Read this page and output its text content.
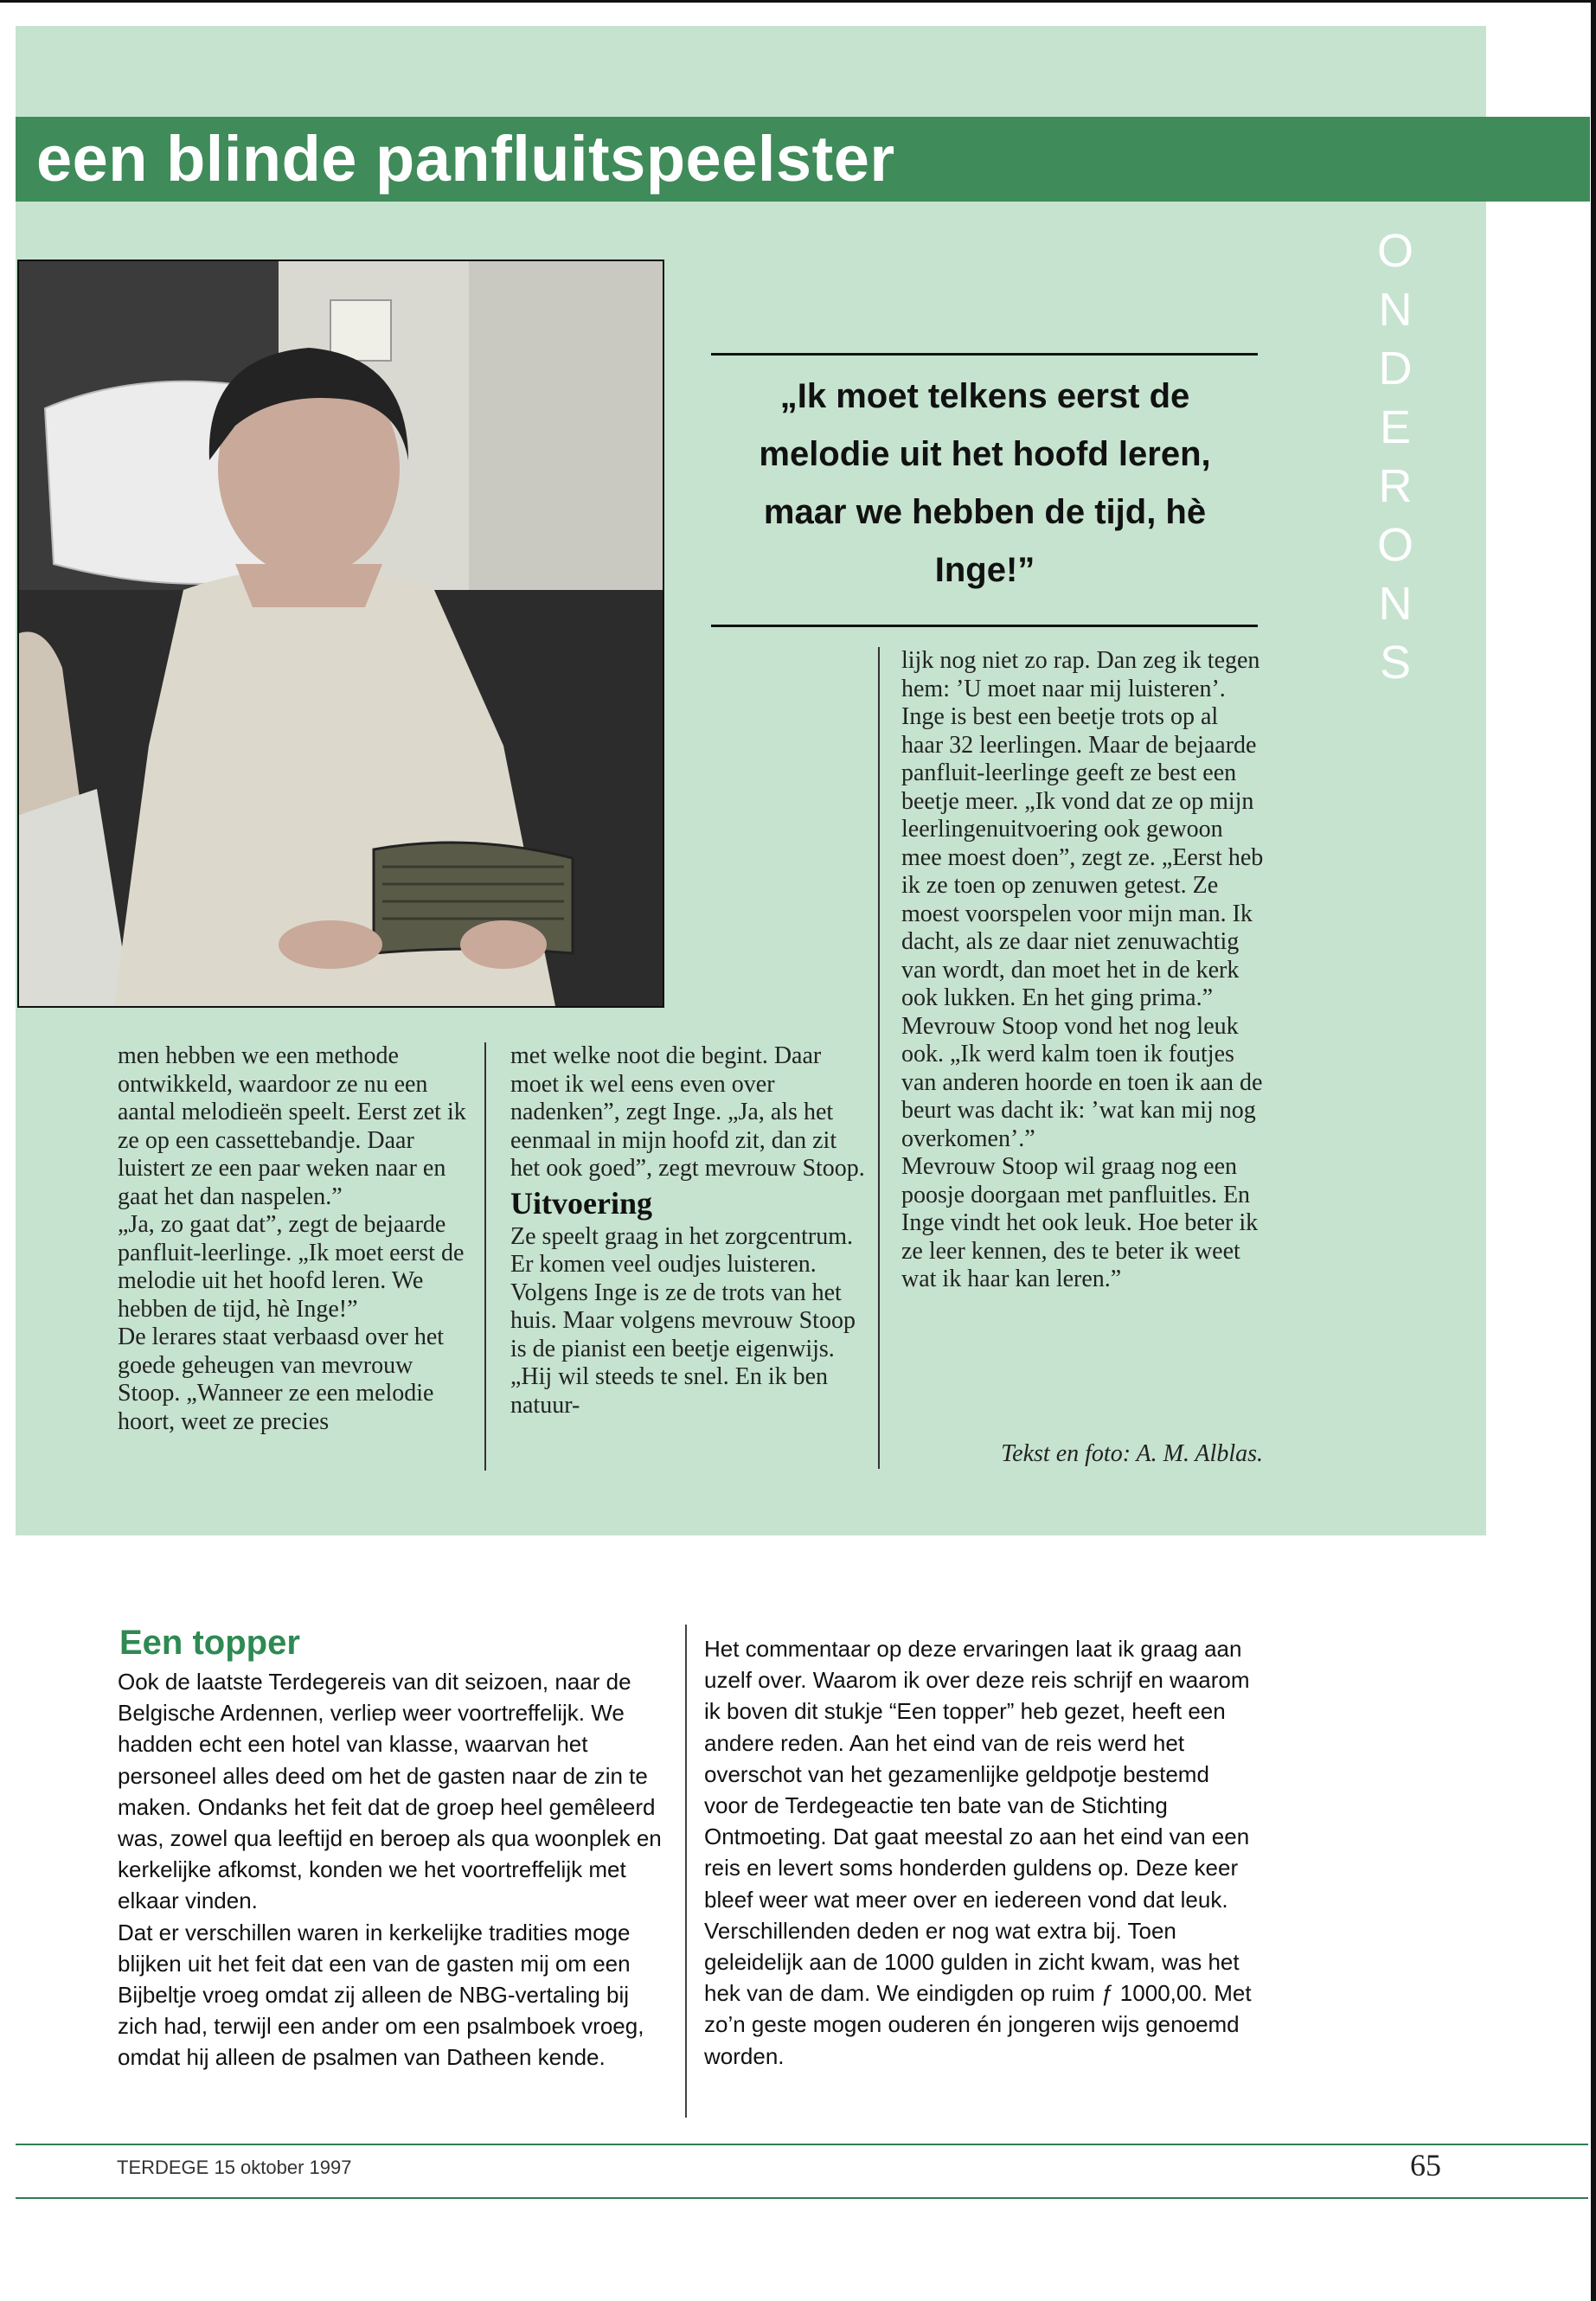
een blinde panfluitspeelster
ONDERONS

„Ik moet telkens eerst de melodie uit het hoofd leren, maar we hebben de tijd, hè Inge!”

men hebben we een methode ontwikkeld, waardoor ze nu een aantal melodieën speelt. Eerst zet ik ze op een cassettebandje. Daar luistert ze een paar weken naar en gaat het dan naspelen.”

„Ja, zo gaat dat”, zegt de bejaarde panfluit-leerlinge. „Ik moet eerst de melodie uit het hoofd leren. We hebben de tijd, hè Inge!”

De lerares staat verbaasd over het goede geheugen van mevrouw Stoop. „Wanneer ze een melodie hoort, weet ze precies

met welke noot die begint. Daar moet ik wel eens even over nadenken”, zegt Inge. „Ja, als het eenmaal in mijn hoofd zit, dan zit het ook goed”, zegt mevrouw Stoop.

Uitvoering

Ze speelt graag in het zorgcentrum. Er komen veel oudjes luisteren. Volgens Inge is ze de trots van het huis. Maar volgens mevrouw Stoop is de pianist een beetje eigenwijs. „Hij wil steeds te snel. En ik ben natuur-

lijk nog niet zo rap. Dan zeg ik tegen hem: ’U moet naar mij luisteren’.

Inge is best een beetje trots op al haar 32 leerlingen. Maar de bejaarde panfluit-leerlinge geeft ze best een beetje meer. „Ik vond dat ze op mijn leerlingenuitvoering ook gewoon mee moest doen”, zegt ze. „Eerst heb ik ze toen op zenuwen getest. Ze moest voorspelen voor mijn man. Ik dacht, als ze daar niet zenuwachtig van wordt, dan moet het in de kerk ook lukken. En het ging prima.” Mevrouw Stoop vond het nog leuk ook. „Ik werd kalm toen ik foutjes van anderen hoorde en toen ik aan de beurt was dacht ik: ’wat kan mij nog overkomen’.”

Mevrouw Stoop wil graag nog een poosje doorgaan met panfluitles. En Inge vindt het ook leuk. Hoe beter ik ze leer kennen, des te beter ik weet wat ik haar kan leren.”

Tekst en foto: A. M. Alblas.

Een topper

Ook de laatste Terdegereis van dit seizoen, naar de Belgische Ardennen, verliep weer voortreffelijk. We hadden echt een hotel van klasse, waarvan het personeel alles deed om het de gasten naar de zin te maken. Ondanks het feit dat de groep heel gemêleerd was, zowel qua leeftijd en beroep als qua woonplek en kerkelijke afkomst, konden we het voortreffelijk met elkaar vinden.

Dat er verschillen waren in kerkelijke tradities moge blijken uit het feit dat een van de gasten mij om een Bijbeltje vroeg omdat zij alleen de NBG-vertaling bij zich had, terwijl een ander om een psalmboek vroeg, omdat hij alleen de psalmen van Datheen kende.

Het commentaar op deze ervaringen laat ik graag aan uzelf over. Waarom ik over deze reis schrijf en waarom ik boven dit stukje “Een topper” heb gezet, heeft een andere reden. Aan het eind van de reis werd het overschot van het gezamenlijke geldpotje bestemd voor de Terdegeactie ten bate van de Stichting Ontmoeting. Dat gaat meestal zo aan het eind van een reis en levert soms honderden guldens op. Deze keer bleef weer wat meer over en iedereen vond dat leuk. Verschillenden deden er nog wat extra bij. Toen geleidelijk aan de 1000 gulden in zicht kwam, was het hek van de dam. We eindigden op ruim ƒ 1000,00. Met zo’n geste mogen ouderen én jongeren wijs genoemd worden.

TERDEGE 15 oktober 1997	65
